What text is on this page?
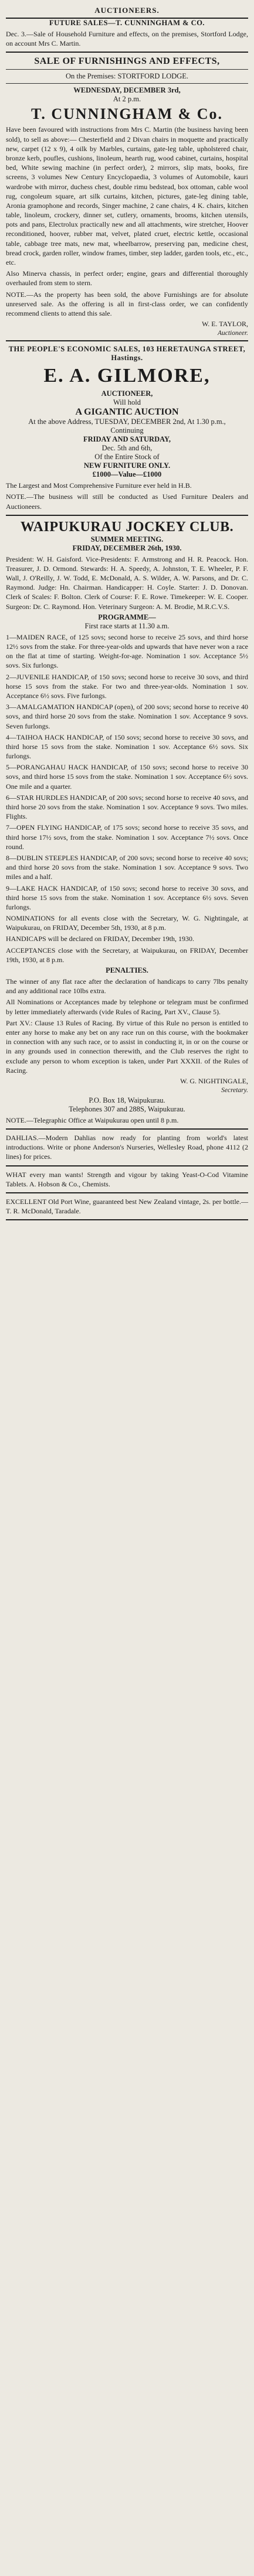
AUCTIONEERS.
FUTURE SALES—T. CUNNINGHAM & CO.
Dec. 3.—Sale of Household Furniture and effects, on the premises, Stortford Lodge, on account Mrs C. Martin.
SALE OF FURNISHINGS AND EFFECTS,
On the Premises: STORTFORD LODGE.
WEDNESDAY, DECEMBER 3rd,
At 2 p.m.
T. CUNNINGHAM & Co.
Have been favoured with instructions from Mrs C. Martin (the business having been sold), to sell as above:— Chesterfield and 2 Divan chairs in moquette and practically new, carpet (12 x 9), 4 oilk by Marbles, curtains, gate-leg table, upholstered chair, bronze kerb, poufles, cushions, linoleum, hearth rug, wood cabinet, curtains, hospital bed, White sewing machine (in perfect order), 2 mirrors, slip mats, books, fire screens, 3 volumes New Century Encyclopaedia, 3 volumes of Automobile, kauri wardrobe with mirror, duchess chest, double rimu bedstead, box ottoman, cable wool rug, congoleum square, art silk curtains, kitchen, pictures, gate-leg dining table, Aronia gramophone and records, Singer machine, 2 cane chairs, 4 K. chairs, kitchen table, linoleum, crockery, dinner set, cutlery, ornaments, brooms, kitchen utensils, pots and pans, Electrolux practically new and all attachments, wire stretcher, Hoover reconditioned, hoover, rubber mat, velvet, plated cruet, electric kettle, occasional table, cabbage tree mats, new mat, wheelbarrow, preserving pan, medicine chest, bread crock, garden roller, window frames, timber, step ladder, garden tools, etc., etc., etc.
Also Minerva chassis, in perfect order; engine, gears and differential thoroughly overhauled from stem to stern.
NOTE.—As the property has been sold, the above Furnishings are for absolute unreserved sale. As the offering is all in first-class order, we can confidently recommend clients to attend this sale.
W. E. TAYLOR,
Auctioneer.
THE PEOPLE'S ECONOMIC SALES, 103 HERETAUNGA STREET, Hastings.
E. A. GILMORE,
AUCTIONEER,
Will hold
A GIGANTIC AUCTION
At the above Address, TUESDAY, DECEMBER 2nd, At 1.30 p.m.,
Continuing
FRIDAY AND SATURDAY,
Dec. 5th and 6th,
Of the Entire Stock of
NEW FURNITURE ONLY.
£1000—Value—£1000
The Largest and Most Comprehensive Furniture ever held in H.B.
NOTE.—The business will still be conducted as Used Furniture Dealers and Auctioneers.
WAIPUKURAU JOCKEY CLUB.
SUMMER MEETING.
FRIDAY, DECEMBER 26th, 1930.
President: W. H. Gaisford. Vice-Presidents: F. Armstrong and H. R. Peacock. Hon. Treasurer, J. D. Ormond. Stewards: H. A. Speedy, A. Johnston, T. E. Wheeler, P. F. Wall, J. O'Reilly, J. W. Todd, E. McDonald, A. S. Wilder, A. W. Parsons, and Dr. C. Raymond. Judge: Hn. Chairman. Handicapper: H. Coyle. Starter: J. D. Donovan. Clerk of Scales: F. Bolton. Clerk of Course: F. E. Rowe. Timekeeper: W. E. Cooper. Surgeon: Dr. C. Raymond. Hon. Veterinary Surgeon: A. M. Brodie, M.R.C.V.S.
PROGRAMME—
First race starts at 11.30 a.m.
1—MAIDEN RACE, of 125 sovs; second horse to receive 25 sovs, and third horse 12½ sovs from the stake. For three-year-olds and upwards that have never won a race on the flat at time of starting. Weight-for-age. Nomination 1 sov. Acceptance 5½ sovs. Six furlongs.
2—JUVENILE HANDICAP, of 150 sovs; second horse to receive 30 sovs, and third horse 15 sovs from the stake. For two and three-year-olds. Nomination 1 sov. Acceptance 6½ sovs. Five furlongs.
3—AMALGAMATION HANDICAP (open), of 200 sovs; second horse to receive 40 sovs, and third horse 20 sovs from the stake. Nomination 1 sov. Acceptance 9 sovs. Seven furlongs.
4—TAIHOA HACK HANDICAP, of 150 sovs; second horse to receive 30 sovs, and third horse 15 sovs from the stake. Nomination 1 sov. Acceptance 6½ sovs. Six furlongs.
5—PORANGAHAU HACK HANDICAP, of 150 sovs; second horse to receive 30 sovs, and third horse 15 sovs from the stake. Nomination 1 sov. Acceptance 6½ sovs. One mile and a quarter.
6—STAR HURDLES HANDICAP, of 200 sovs; second horse to receive 40 sovs, and third horse 20 sovs from the stake. Nomination 1 sov. Acceptance 9 sovs. Two miles. Flights.
7—OPEN FLYING HANDICAP, of 175 sovs; second horse to receive 35 sovs, and third horse 17½ sovs, from the stake. Nomination 1 sov. Acceptance 7½ sovs. Once round.
8—DUBLIN STEEPLES HANDICAP, of 200 sovs; second horse to receive 40 sovs; and third horse 20 sovs from the stake. Nomination 1 sov. Acceptance 9 sovs. Two miles and a half.
9—LAKE HACK HANDICAP, of 150 sovs; second horse to receive 30 sovs, and third horse 15 sovs from the stake. Nomination 1 sov. Acceptance 6½ sovs. Seven furlongs.
NOMINATIONS for all events close with the Secretary, W. G. Nightingale, at Waipukurau, on FRIDAY, December 5th, 1930, at 8 p.m.
HANDICAPS will be declared on FRIDAY, December 19th, 1930.
ACCEPTANCES close with the Secretary, at Waipukurau, on FRIDAY, December 19th, 1930, at 8 p.m.
PENALTIES.
The winner of any flat race after the declaration of handicaps to carry 7lbs penalty and any additional race 10lbs extra.
All Nominations or Acceptances made by telephone or telegram must be confirmed by letter immediately afterwards (vide Rules of Racing, Part XV., Clause 5).
Part XV.: Clause 13 Rules of Racing. By virtue of this Rule no person is entitled to enter any horse to make any bet on any race run on this course, with the bookmaker in connection with any such race, or to assist in conducting it, in or on the course or in any grounds used in connection therewith, and the Club reserves the right to exclude any person to whom exception is taken, under Part XXXII. of the Rules of Racing.
W. G. NIGHTINGALE,
Secretary.
P.O. Box 18, Waipukurau.
Telephones 307 and 288S, Waipukurau.
NOTE.—Telegraphic Office at Waipukurau open until 8 p.m.
DAHLIAS.—Modern Dahlias now ready for planting from world's latest introductions. Write or phone Anderson's Nurseries, Wellesley Road, phone 4112 (2 lines) for prices.
WHAT every man wants! Strength and vigour by taking Yeast-O-Cod Vitamine Tablets. A. Hobson & Co., Chemists.
EXCELLENT Old Port Wine, guaranteed best New Zealand vintage, 2s. per bottle.—T. R. McDonald, Taradale.
